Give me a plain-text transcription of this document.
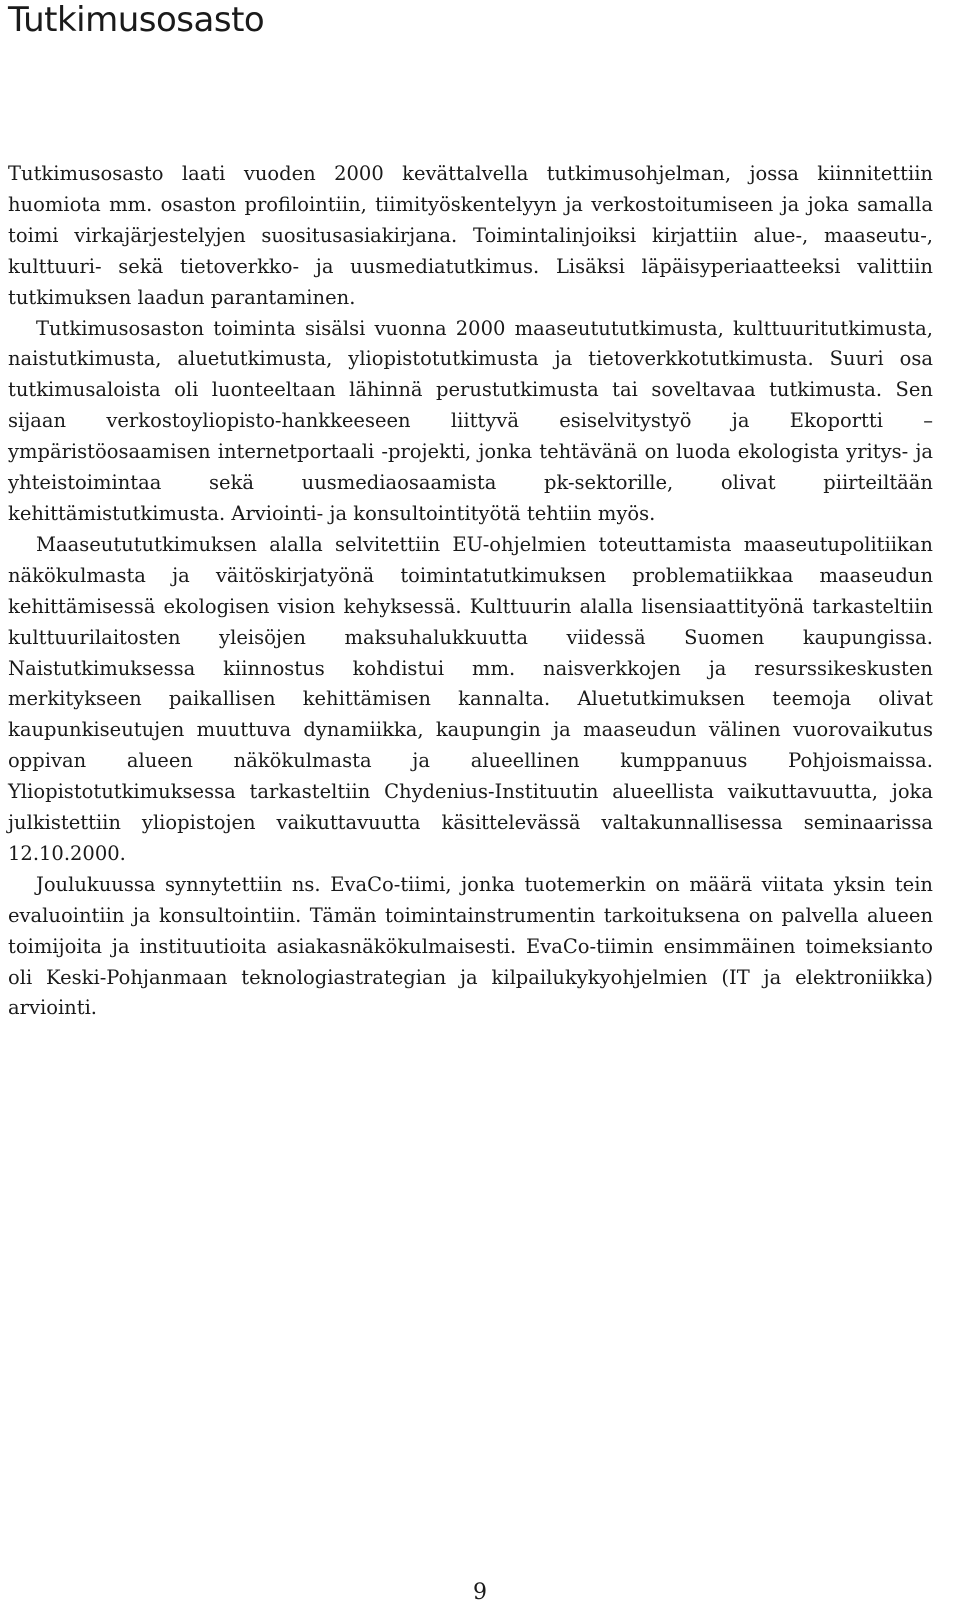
Tutkimusosasto

Tutkimusosasto laati vuoden 2000 kevättalvella tutkimusohjelman, jossa kiinnitettiin huomiota mm. osaston profilointiin, tiimityöskentelyyn ja verkostoitumiseen ja joka samalla toimi virkajärjestelyjen suositusasiakirjana. Toimintalinjoiksi kirjattiin alue-, maaseutu-, kulttuuri- sekä tietoverkko- ja uusmediatutkimus. Lisäksi läpäisyperiaatteeksi valittiin tutkimuksen laadun parantaminen.

Tutkimusosaston toiminta sisälsi vuonna 2000 maaseutututkimusta, kulttuuritutkimusta, naistutkimusta, aluetutkimusta, yliopistotutkimusta ja tietoverkkotutkimusta. Suuri osa tutkimusaloista oli luonteeltaan lähinnä perustutkimusta tai soveltavaa tutkimusta. Sen sijaan verkostoyliopisto-hankkeeseen liittyvä esiselvitystyö ja Ekoportti – ympäristöosaamisen internetportaali -projekti, jonka tehtävänä on luoda ekologista yritys- ja yhteistoimintaa sekä uusmediaosaamista pk-sektorille, olivat piirteiltään kehittämistutkimusta. Arviointi- ja konsultointityötä tehtiin myös.

Maaseutututkimuksen alalla selvitettiin EU-ohjelmien toteuttamista maaseutupolitiikan näkökulmasta ja väitöskirjatyönä toimintatutkimuksen problematiikkaa maaseudun kehittämisessä ekologisen vision kehyksessä. Kulttuurin alalla lisensiaattityönä tarkasteltiin kulttuurilaitosten yleisöjen maksuhalukkuutta viidessä Suomen kaupungissa. Naistutkimuksessa kiinnostus kohdistui mm. naisverkkojen ja resurssikeskusten merkitykseen paikallisen kehittämisen kannalta. Aluetutkimuksen teemoja olivat kaupunkiseutujen muuttuva dynamiikka, kaupungin ja maaseudun välinen vuorovaikutus oppivan alueen näkökulmasta ja alueellinen kumppanuus Pohjoismaissa. Yliopistotutkimuksessa tarkasteltiin Chydenius-Instituutin alueellista vaikuttavuutta, joka julkistettiin yliopistojen vaikuttavuutta käsittelevässä valtakunnallisessa seminaarissa 12.10.2000.

Joulukuussa synnytettiin ns. EvaCo-tiimi, jonka tuotemerkin on määrä viitata yksin tein evaluointiin ja konsultointiin. Tämän toimintainstrumentin tarkoituksena on palvella alueen toimijoita ja instituutioita asiakasnäkökulmaisesti. EvaCo-tiimin ensimmäinen toimeksianto oli Keski-Pohjanmaan teknologiastrategian ja kilpailukykyohjelmien (IT ja elektroniikka) arviointi.

9
